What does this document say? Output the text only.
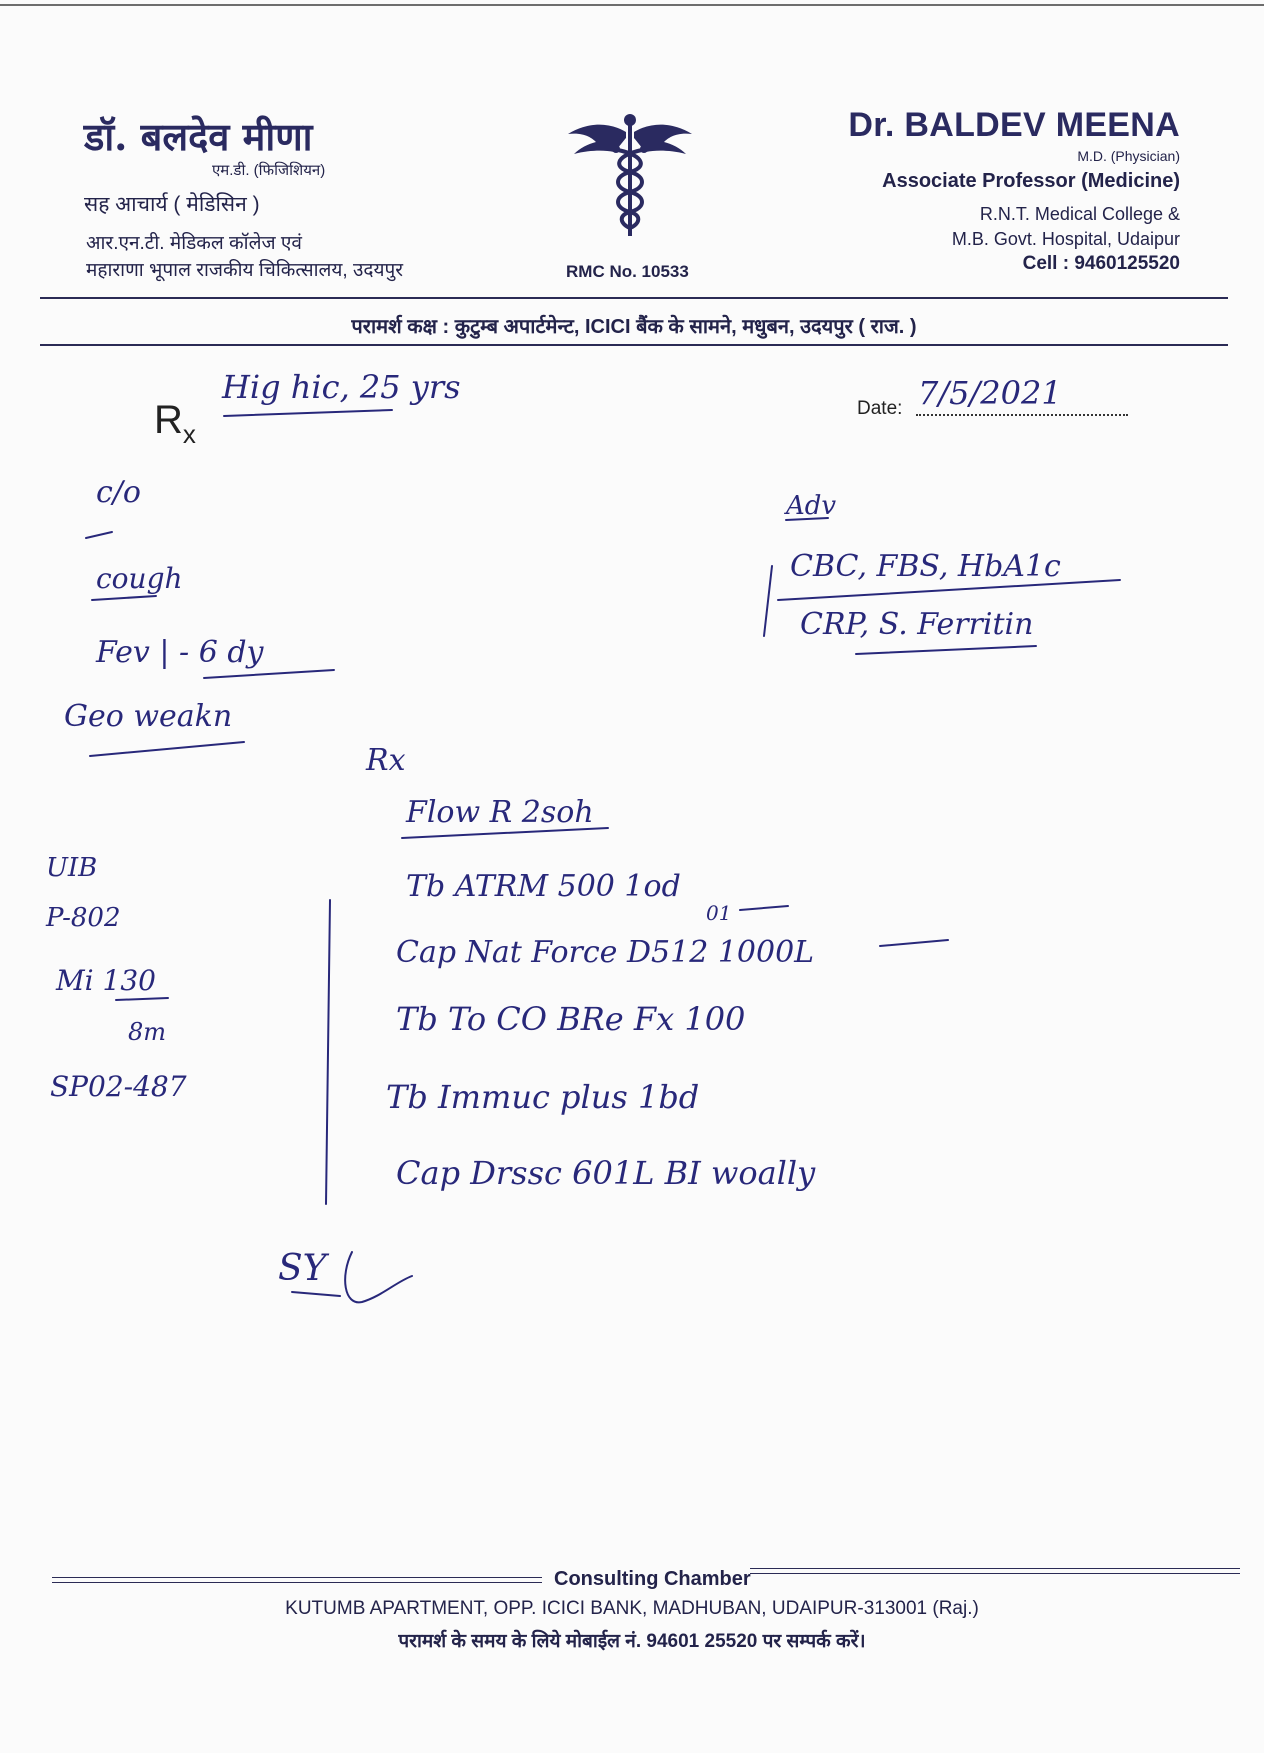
डॉ. बलदेव मीणा
एम.डी. (फिजिशियन)
सह आचार्य ( मेडिसिन )
आर.एन.टी. मेडिकल कॉलेज एवं
महाराणा भूपाल राजकीय चिकित्सालय, उदयपुर	RMC No. 10533
Dr. BALDEV MEENA
M.D. (Physician)
Associate Professor (Medicine)
R.N.T. Medical College &
M.B. Govt. Hospital, Udaipur
Cell : 9460125520
परामर्श कक्ष : कुटुम्ब अपार्टमेन्ट, ICICI बैंक के सामने, मधुबन, उदयपुर ( राज. )
$R_x$
Date:
Hig hic, 25 yrs	7/5/2021
c/o
cough
Fev | - 6 dy
Geo weakn
Adv
CBC, FBS, HbA1c
CRP, S. Ferritin
UIB
P-802
Mi 130
8m
SP02-487
Rx
Flow R 2soh
Tb ATRM 500 1od
01
Cap Nat Force D512 1000L
Tb To CO BRe Fx 100
Tb Immuc plus 1bd
Cap Drssc 601L BI woally
SY
Consulting Chamber
KUTUMB APARTMENT, OPP. ICICI BANK, MADHUBAN, UDAIPUR-313001 (Raj.)
परामर्श के समय के लिये मोबाईल नं. 94601 25520 पर सम्पर्क करें।
